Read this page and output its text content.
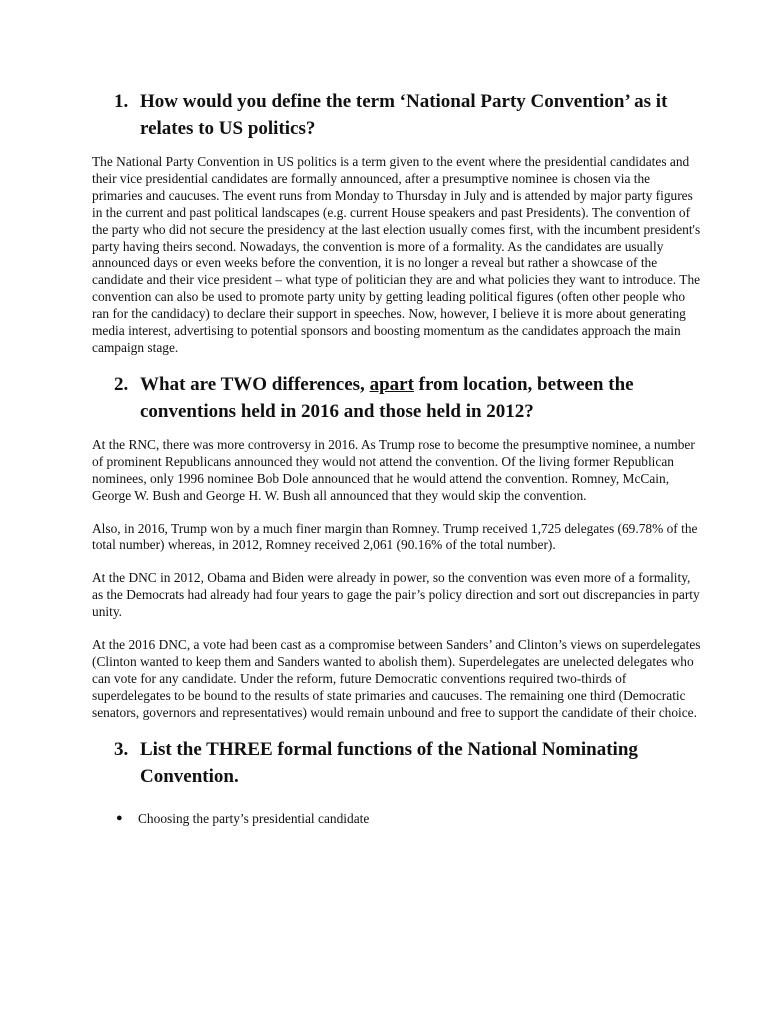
1. How would you define the term ‘National Party Convention’ as it relates to US politics?

The National Party Convention in US politics is a term given to the event where the presidential candidates and their vice presidential candidates are formally announced, after a presumptive nominee is chosen via the primaries and caucuses. The event runs from Monday to Thursday in July and is attended by major party figures in the current and past political landscapes (e.g. current House speakers and past Presidents). The convention of the party who did not secure the presidency at the last election usually comes first, with the incumbent president's party having theirs second. Nowadays, the convention is more of a formality. As the candidates are usually announced days or even weeks before the convention, it is no longer a reveal but rather a showcase of the candidate and their vice president – what type of politician they are and what policies they want to introduce. The convention can also be used to promote party unity by getting leading political figures (often other people who ran for the candidacy) to declare their support in speeches. Now, however, I believe it is more about generating media interest, advertising to potential sponsors and boosting momentum as the candidates approach the main campaign stage.

2. What are TWO differences, apart from location, between the conventions held in 2016 and those held in 2012?

At the RNC, there was more controversy in 2016. As Trump rose to become the presumptive nominee, a number of prominent Republicans announced they would not attend the convention. Of the living former Republican nominees, only 1996 nominee Bob Dole announced that he would attend the convention. Romney, McCain, George W. Bush and George H. W. Bush all announced that they would skip the convention.

Also, in 2016, Trump won by a much finer margin than Romney. Trump received 1,725 delegates (69.78% of the total number) whereas, in 2012, Romney received 2,061 (90.16% of the total number).

At the DNC in 2012, Obama and Biden were already in power, so the convention was even more of a formality, as the Democrats had already had four years to gage the pair’s policy direction and sort out discrepancies in party unity.

At the 2016 DNC, a vote had been cast as a compromise between Sanders’ and Clinton’s views on superdelegates (Clinton wanted to keep them and Sanders wanted to abolish them). Superdelegates are unelected delegates who can vote for any candidate. Under the reform, future Democratic conventions required two-thirds of superdelegates to be bound to the results of state primaries and caucuses. The remaining one third (Democratic senators, governors and representatives) would remain unbound and free to support the candidate of their choice.

3. List the THREE formal functions of the National Nominating Convention.
●	Choosing the party’s presidential candidate
